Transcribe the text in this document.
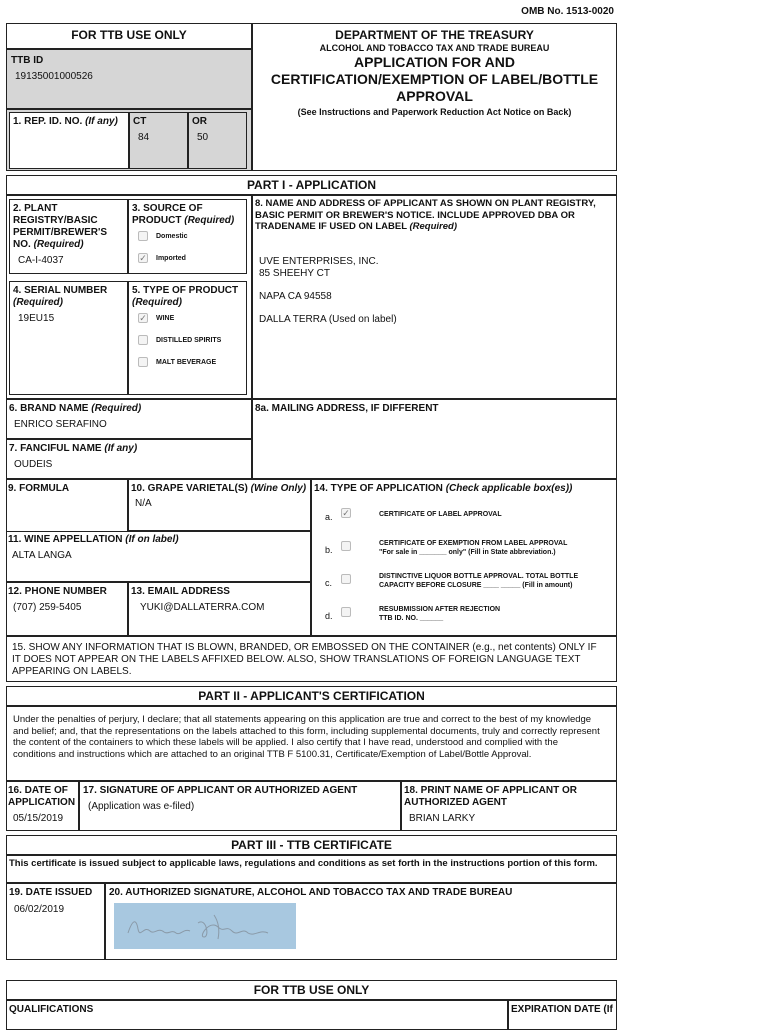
OMB No. 1513-0020
FOR TTB USE ONLY
TTB ID
19135001000526
1. REP. ID. NO. (If any) CT
84
OR
50
DEPARTMENT OF THE TREASURY
ALCOHOL AND TOBACCO TAX AND TRADE BUREAU
APPLICATION FOR AND
CERTIFICATION/EXEMPTION OF LABEL/BOTTLE
APPROVAL
(See Instructions and Paperwork Reduction Act Notice on Back)
PART I - APPLICATION
2. PLANT
REGISTRY/BASIC
PERMIT/BREWER'S
NO. (Required)
CA-I-4037
3. SOURCE OF
PRODUCT (Required)
Domestic
✓ Imported
4. SERIAL NUMBER
(Required)
19EU15
5. TYPE OF PRODUCT
(Required)
✓ WINE
DISTILLED SPIRITS
MALT BEVERAGE
8. NAME AND ADDRESS OF APPLICANT AS SHOWN ON PLANT REGISTRY, BASIC PERMIT OR BREWER'S NOTICE. INCLUDE APPROVED DBA OR TRADENAME IF USED ON LABEL (Required)
UVE ENTERPRISES, INC.
85 SHEEHY CT
NAPA CA 94558
DALLA TERRA (Used on label)
6. BRAND NAME (Required)
ENRICO SERAFINO
8a. MAILING ADDRESS, IF DIFFERENT
7. FANCIFUL NAME (If any)
OUDEIS
9. FORMULA	10. GRAPE VARIETAL(S) (Wine Only)
N/A
11. WINE APPELLATION (If on label)
ALTA LANGA
12. PHONE NUMBER
(707) 259-5405
13. EMAIL ADDRESS
YUKI@DALLATERRA.COM
14. TYPE OF APPLICATION (Check applicable box(es))
a. ✓	CERTIFICATE OF LABEL APPROVAL
b.
CERTIFICATE OF EXEMPTION FROM LABEL APPROVAL
"For sale in _______ only" (Fill in State abbreviation.)
c.
DISTINCTIVE LIQUOR BOTTLE APPROVAL. TOTAL BOTTLE
CAPACITY BEFORE CLOSURE ____ _____ (Fill in amount)
d.
RESUBMISSION AFTER REJECTION
TTB ID. NO. ______
15. SHOW ANY INFORMATION THAT IS BLOWN, BRANDED, OR EMBOSSED ON THE CONTAINER (e.g., net contents) ONLY IF IT DOES NOT APPEAR ON THE LABELS AFFIXED BELOW. ALSO, SHOW TRANSLATIONS OF FOREIGN LANGUAGE TEXT APPEARING ON LABELS.
PART II - APPLICANT'S CERTIFICATION
Under the penalties of perjury, I declare; that all statements appearing on this application are true and correct to the best of my knowledge and belief; and, that the representations on the labels attached to this form, including supplemental documents, truly and correctly represent the content of the containers to which these labels will be applied. I also certify that I have read, understood and complied with the conditions and instructions which are attached to an original TTB F 5100.31, Certificate/Exemption of Label/Bottle Approval.
16. DATE OF
APPLICATION
05/15/2019
17. SIGNATURE OF APPLICANT OR AUTHORIZED AGENT
(Application was e-filed)
18. PRINT NAME OF APPLICANT OR
AUTHORIZED AGENT
BRIAN LARKY
PART III - TTB CERTIFICATE
This certificate is issued subject to applicable laws, regulations and conditions as set forth in the instructions portion of this form.
19. DATE ISSUED
06/02/2019
20. AUTHORIZED SIGNATURE, ALCOHOL AND TOBACCO TAX AND TRADE BUREAU
FOR TTB USE ONLY
QUALIFICATIONS	EXPIRATION DATE (If
